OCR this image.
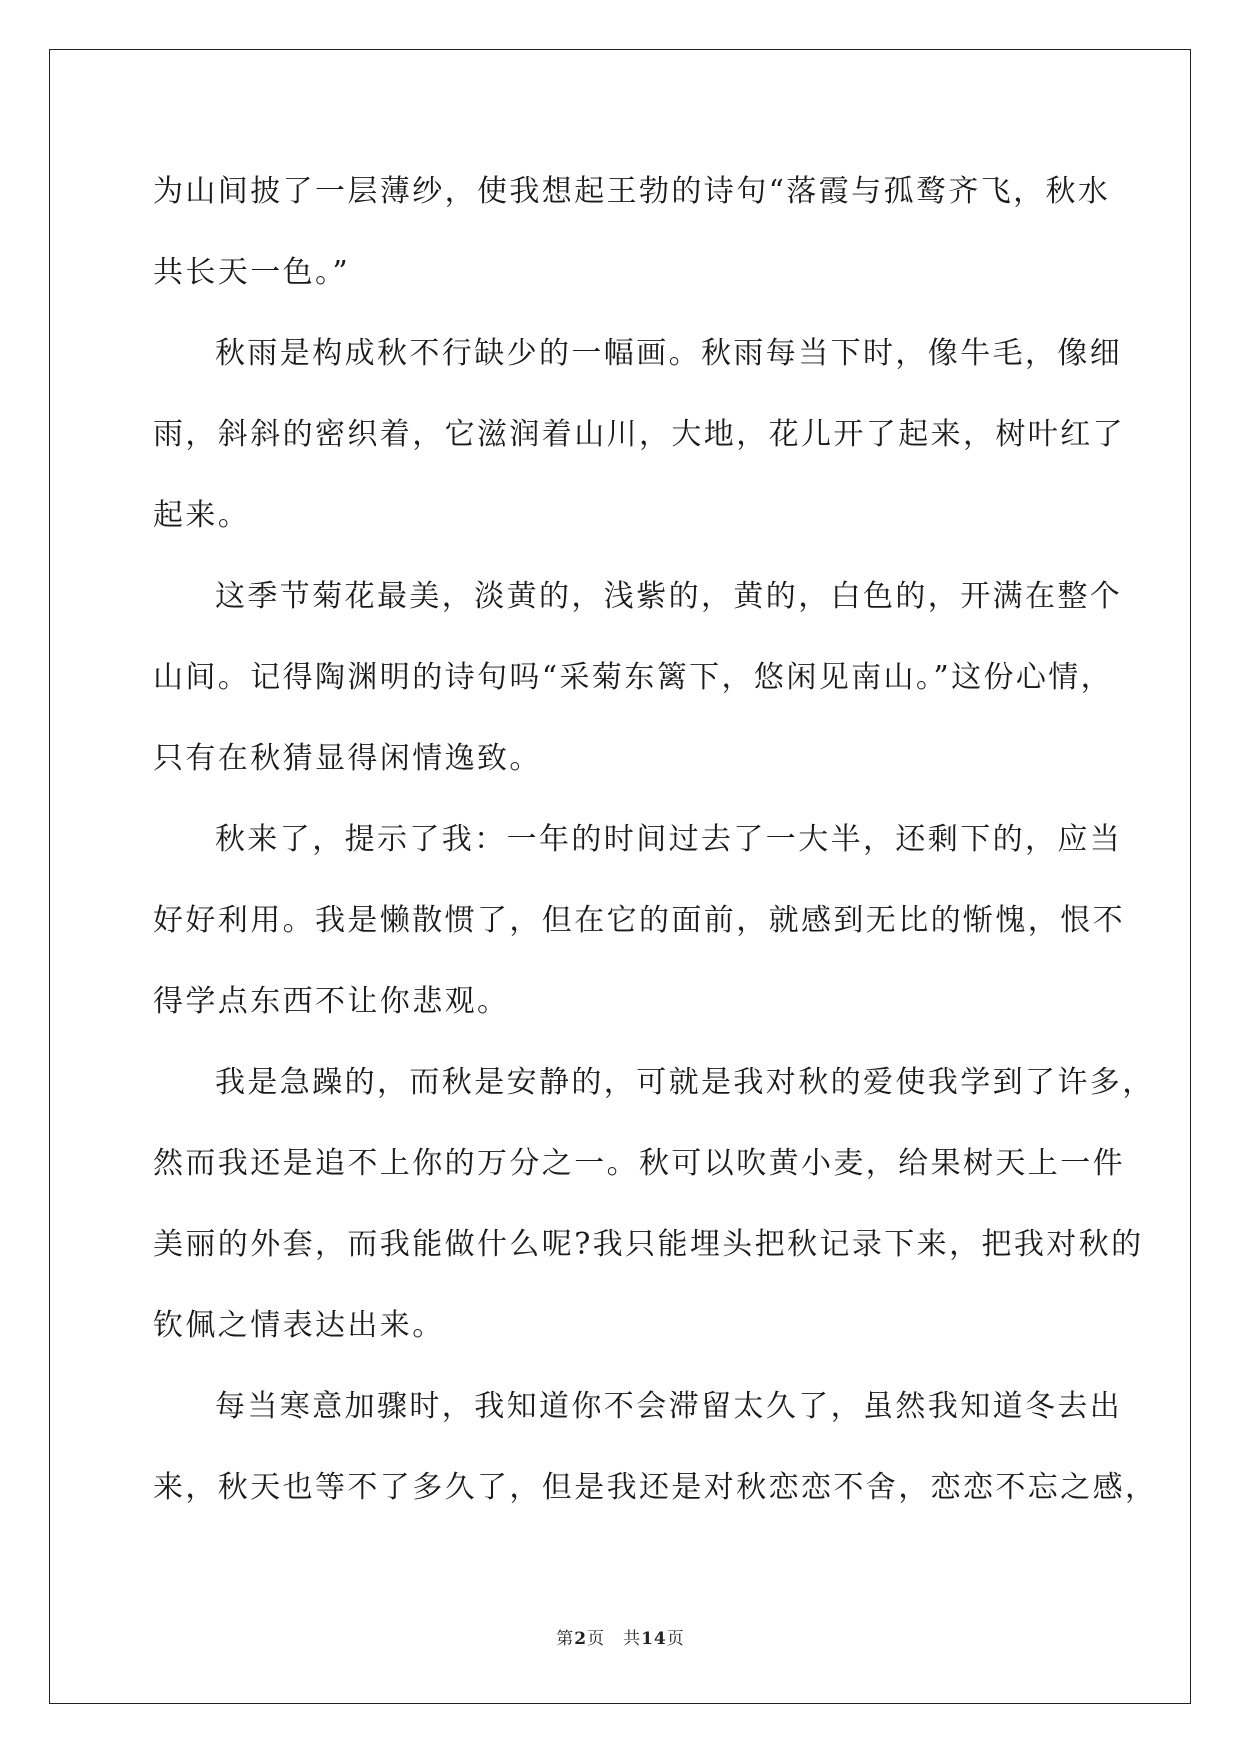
为山间披了一层薄纱，使我想起王勃的诗句“落霞与孤鹜齐飞，秋水
共长天一色。”
秋雨是构成秋不行缺少的一幅画。秋雨每当下时，像牛毛，像细
雨，斜斜的密织着，它滋润着山川，大地，花儿开了起来，树叶红了
起来。
这季节菊花最美，淡黄的，浅紫的，黄的，白色的，开满在整个
山间。记得陶渊明的诗句吗“采菊东篱下，悠闲见南山。”这份心情，
只有在秋猜显得闲情逸致。
秋来了，提示了我：一年的时间过去了一大半，还剩下的，应当
好好利用。我是懒散惯了，但在它的面前，就感到无比的惭愧，恨不
得学点东西不让你悲观。
我是急躁的，而秋是安静的，可就是我对秋的爱使我学到了许多，
然而我还是追不上你的万分之一。秋可以吹黄小麦，给果树天上一件
美丽的外套，而我能做什么呢?我只能埋头把秋记录下来，把我对秋的
钦佩之情表达出来。
每当寒意加骤时，我知道你不会滞留太久了，虽然我知道冬去出
来，秋天也等不了多久了，但是我还是对秋恋恋不舍，恋恋不忘之感，
第2页 共14页
